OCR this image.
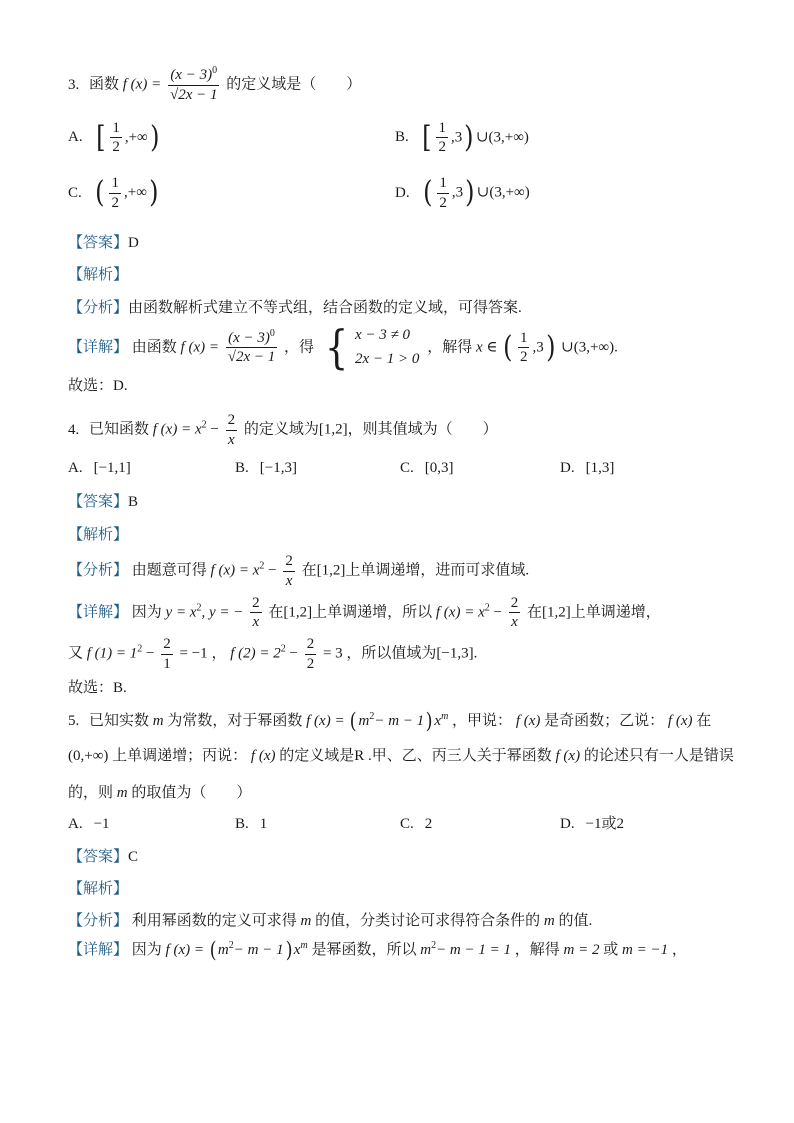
3. 函数 f $(x) = \frac{(x - 3)^0}{√2x - 1}$ 的定义域是（　　）
A. [ $\frac{1}{2}$ ,+∞)	B. [ $\frac{1}{2} ,3$) ∪(3,+∞)
C. ( $\frac{1}{2}$ ,+∞)	D. ( $\frac{1}{2} ,3$) ∪(3,+∞)
【答案】D
【解析】
【分析】由函数解析式建立不等式组，结合函数的定义域，可得答案.
【详解】 由函数 f $(x) = \frac{(x - 3)^0}{√2x - 1}$ ，得 { x − 3 ≠ 0
2x − 1 > 0
，解得 x ∈ ( $\frac{1}{2} ,3$) ∪(3,+∞).
故选：D.
4. 已知函数 f $(x) = x^2 - \frac{2}{x}$ 的定义域为[1,2]，则其值域为（　　）
A. [−1,1]	B. [−1,3]	C. [0,3]	D. [1,3]
【答案】B
【解析】
【分析】 由题意可得 f $(x) = x^2 - \frac{2}{x}$ 在[1,2]上单调递增，进而可求值域.
【详解】 因为 $y = x^2$, y = − $\frac{2}{x}$ 在[1,2]上单调递增，所以 f $(x) = x^2 - \frac{2}{x}$ 在[1,2]上单调递增，
又 f $(1) = 1^2 - \frac{2}{1} = -1$ ， f $(2) = 2^2 - \frac{2}{2} = 3$ ，所以值域为[−1,3].
故选：B.
5. 已知实数 m 为常数，对于幂函数 f (x) = ( $m^2- m - 1$) $x^m$ ，甲说： f (x) 是奇函数；乙说： f (x) 在
(0,+∞) 上单调递增；丙说： f (x) 的定义域是R .甲、乙、丙三人关于幂函数 f (x) 的论述只有一人是错误
的，则 m 的取值为（　　）
A. −1	B. 1	C. 2	D. −1或2
【答案】C
【解析】
【分析】 利用幂函数的定义可求得 m 的值，分类讨论可求得符合条件的 m 的值.
【详解】 因为 f (x) = ( $m^2- m - 1$) $x^m$ 是幂函数，所以 $m^2- m - 1 = 1$ ，解得 m = 2 或 m = −1 ，
